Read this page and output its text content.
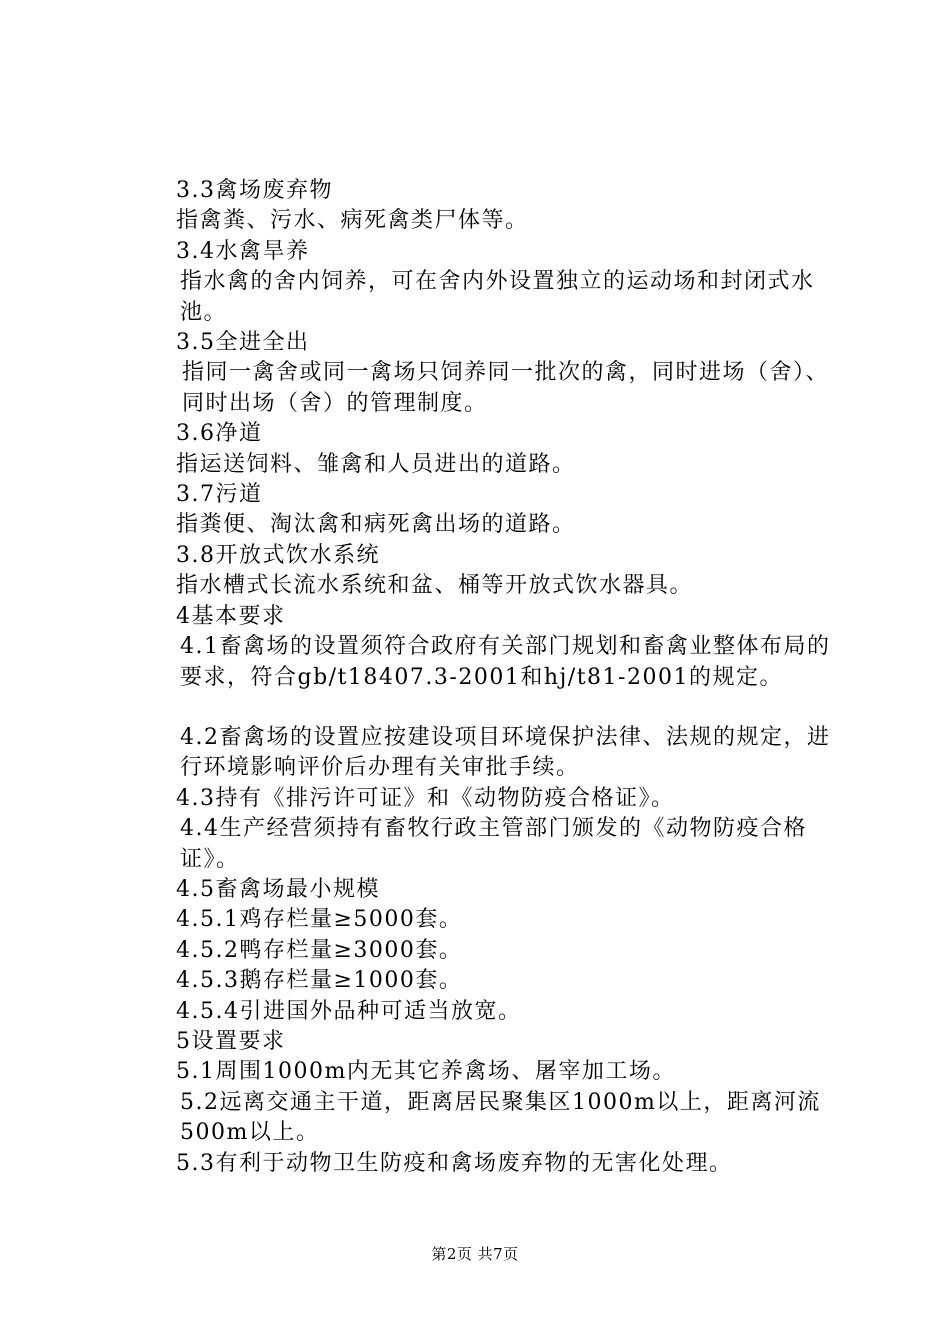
3.3禽场废弃物

指禽粪、污水、病死禽类尸体等。

3.4水禽旱养

指水禽的舍内饲养，可在舍内外设置独立的运动场和封闭式水池。

3.5全进全出

指同一禽舍或同一禽场只饲养同一批次的禽，同时进场（舍）、同时出场（舍）的管理制度。

3.6净道

指运送饲料、雏禽和人员进出的道路。

3.7污道

指粪便、淘汰禽和病死禽出场的道路。

3.8开放式饮水系统

指水槽式长流水系统和盆、桶等开放式饮水器具。

4基本要求

4.1畜禽场的设置须符合政府有关部门规划和畜禽业整体布局的要求，符合gb/t18407.3-2001和hj/t81-2001的规定。

4.2畜禽场的设置应按建设项目环境保护法律、法规的规定，进行环境影响评价后办理有关审批手续。

4.3持有《排污许可证》和《动物防疫合格证》。

4.4生产经营须持有畜牧行政主管部门颁发的《动物防疫合格证》。

4.5畜禽场最小规模

4.5.1鸡存栏量≥5000套。

4.5.2鸭存栏量≥3000套。

4.5.3鹅存栏量≥1000套。

4.5.4引进国外品种可适当放宽。

5设置要求

5.1周围1000m内无其它养禽场、屠宰加工场。

5.2远离交通主干道，距离居民聚集区1000m以上，距离河流500m以上。

5.3有利于动物卫生防疫和禽场废弃物的无害化处理。

第2页 共7页
